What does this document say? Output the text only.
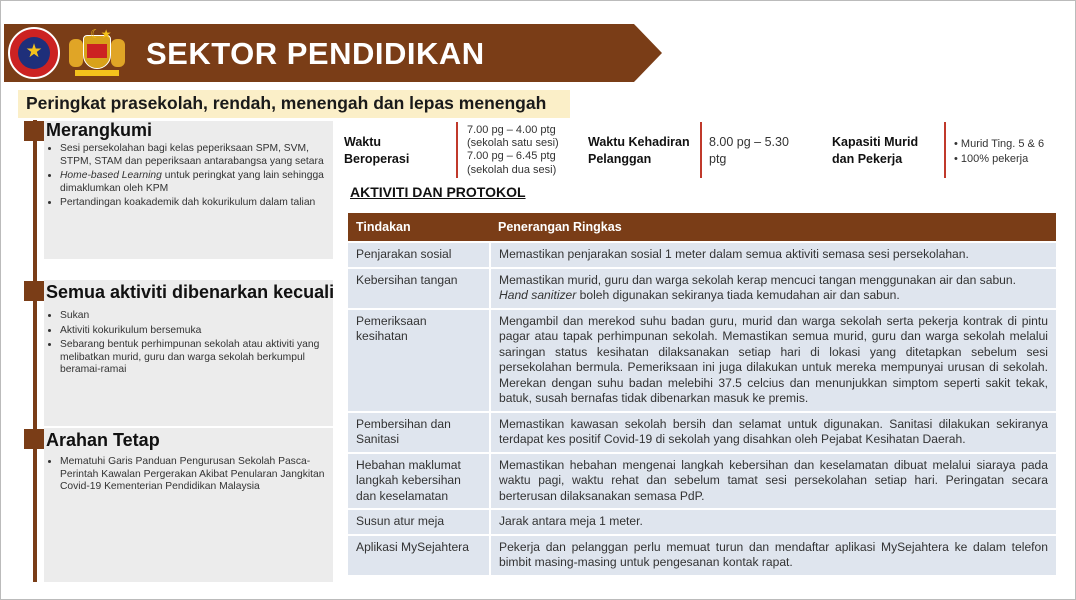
★
☾★
SEKTOR PENDIDIKAN
Peringkat prasekolah, rendah, menengah dan lepas menengah
Merangkumi
• Sesi persekolahan bagi kelas peperiksaan SPM, SVM, STPM, STAM dan peperiksaan antarabangsa yang setara
• Home-based Learning untuk peringkat yang lain sehingga dimaklumkan oleh KPM
• Pertandingan koakademik dah kokurikulum dalam talian
Semua aktiviti dibenarkan kecuali
• Sukan
• Aktiviti kokurikulum bersemuka
• Sebarang bentuk perhimpunan sekolah atau aktiviti yang melibatkan murid, guru dan warga sekolah berkumpul beramai-ramai
Arahan Tetap
• Mematuhi Garis Panduan Pengurusan Sekolah Pasca-Perintah Kawalan Pergerakan Akibat Penularan Jangkitan Covid-19 Kementerian Pendidikan Malaysia
Waktu
Beroperasi
7.00 pg – 4.00 ptg
(sekolah satu sesi)
7.00 pg – 6.45 ptg
(sekolah dua sesi)
Waktu Kehadiran
Pelanggan
8.00 pg – 5.30
ptg
Kapasiti Murid
dan Pekerja
• Murid Ting. 5 & 6
• 100% pekerja
AKTIVITI DAN PROTOKOL
Tindakan	Penerangan Ringkas
Penjarakan sosial	Memastikan penjarakan sosial 1 meter dalam semua aktiviti semasa sesi persekolahan.
Kebersihan tangan	Memastikan murid, guru dan warga sekolah kerap mencuci tangan menggunakan air dan sabun.
Hand sanitizer boleh digunakan sekiranya tiada kemudahan air dan sabun.
Pemeriksaan kesihatan	Mengambil dan merekod suhu badan guru, murid dan warga sekolah serta pekerja kontrak di pintu pagar atau tapak perhimpunan sekolah. Memastikan semua murid, guru dan warga sekolah melalui saringan status kesihatan dilaksanakan setiap hari di lokasi yang ditetapkan sebelum sesi persekolahan bermula. Pemeriksaan ini juga dilakukan untuk mereka mempunyai urusan di sekolah. Merekan dengan suhu badan melebihi 37.5 celcius dan menunjukkan simptom seperti sakit tekak, batuk, susah bernafas tidak dibenarkan masuk ke premis.
Pembersihan dan Sanitasi	Memastikan kawasan sekolah bersih dan selamat untuk digunakan. Sanitasi dilakukan sekiranya terdapat kes positif Covid-19 di sekolah yang disahkan oleh Pejabat Kesihatan Daerah.
Hebahan maklumat langkah kebersihan dan keselamatan	Memastikan hebahan mengenai langkah kebersihan dan keselamatan dibuat melalui siaraya pada waktu pagi, waktu rehat dan sebelum tamat sesi persekolahan setiap hari. Peringatan secara berterusan dilaksanakan semasa PdP.
Susun atur meja	Jarak antara meja 1 meter.
Aplikasi MySejahtera	Pekerja dan pelanggan perlu memuat turun dan mendaftar aplikasi MySejahtera ke dalam telefon bimbit masing-masing untuk pengesanan kontak rapat.
